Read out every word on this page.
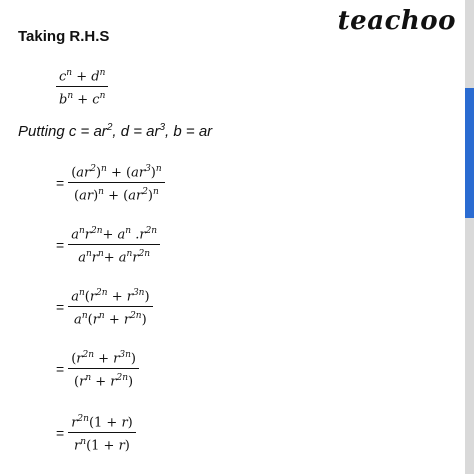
teachoo
Taking R.H.S
$\frac{c^n + d^n}{b^n + c^n}$
Putting $c = ar^2$, $d = ar^3$, b = ar
= $\frac{(ar^2)^n + (ar^3)^n}{(ar)^n + (ar^2)^n}$
= $\frac{a^nr^{2n}+ a^n .r^{2n}}{a^nr^n+ a^nr^{2n}}$
= $\frac{a^n(r^{2n} + r^{3n})}{a^n(r^n + r^{2n})}$
= $\frac{(r^{2n} + r^{3n})}{(r^n + r^{2n})}$
= $\frac{r^{2n}(1 + r)}{r^n(1 + r)}$
